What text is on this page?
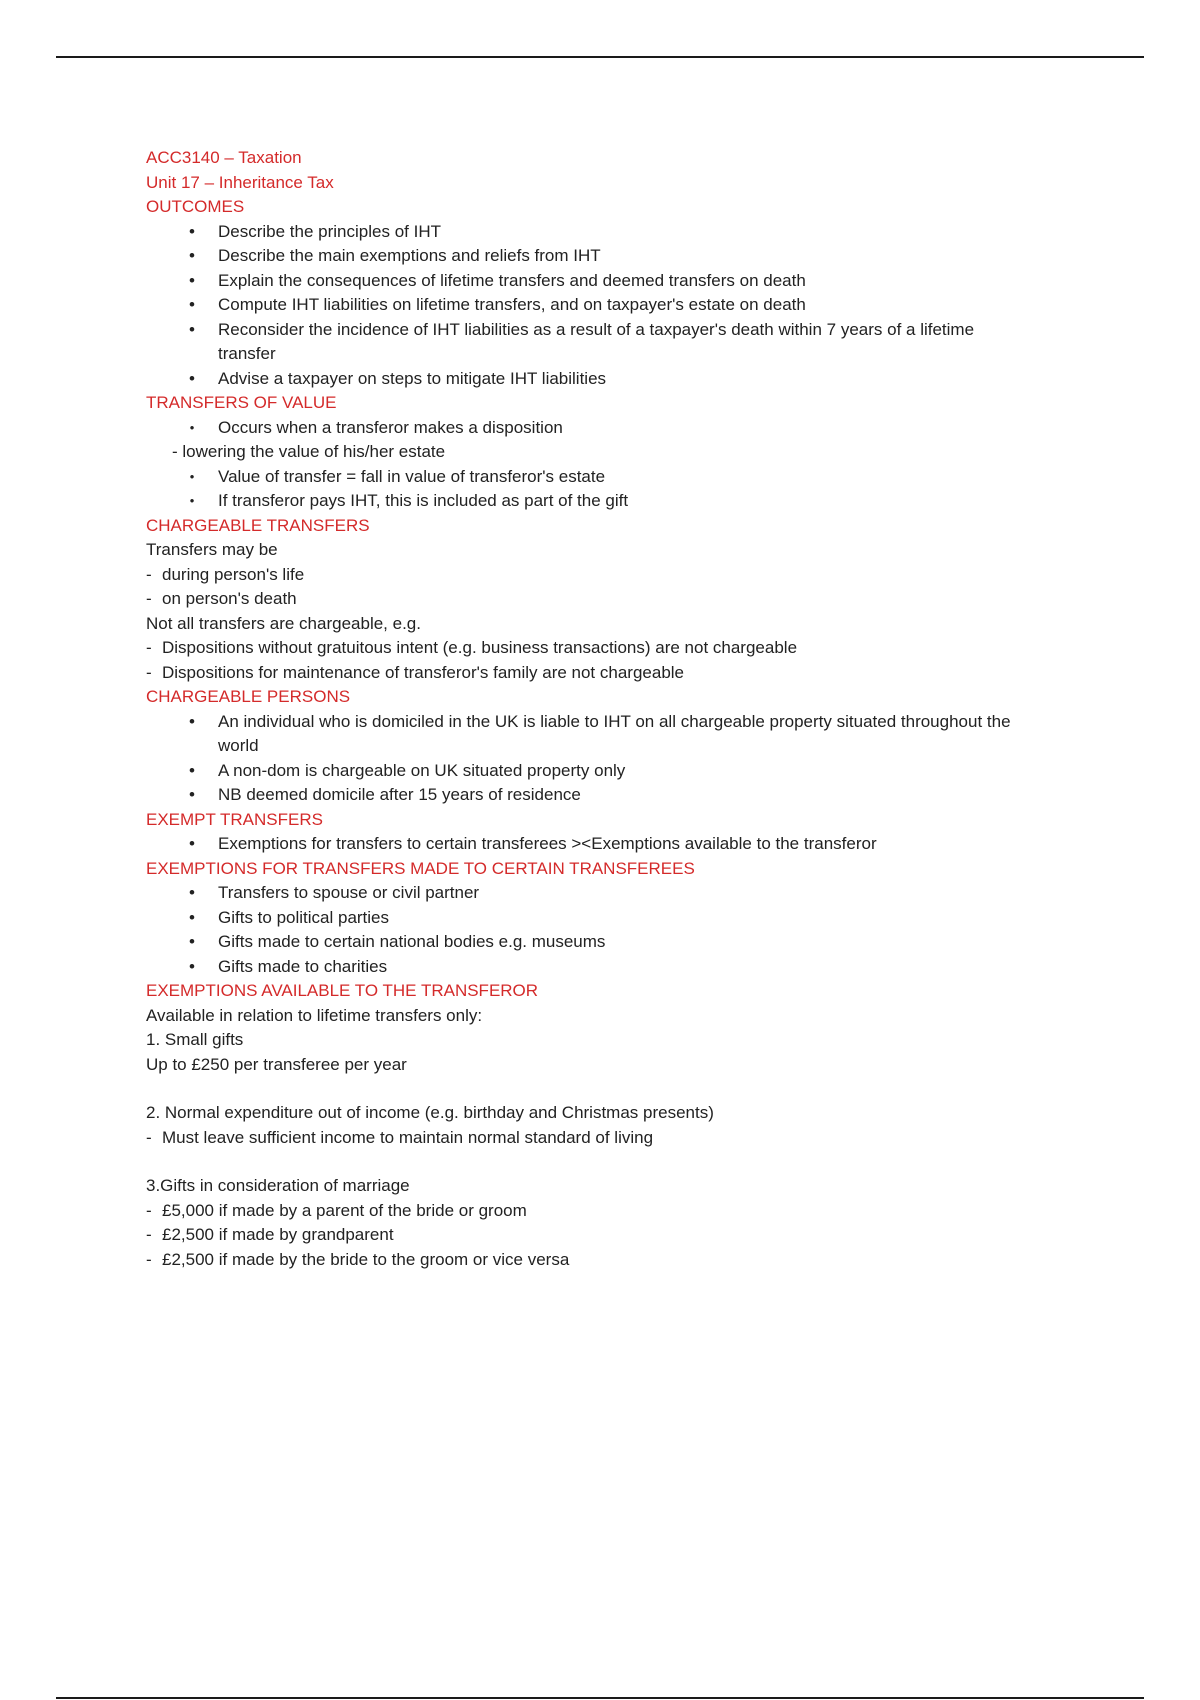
ACC3140 – Taxation
Unit 17 – Inheritance Tax
OUTCOMES
•	Describe the principles of IHT
•	Describe the main exemptions and reliefs from IHT
•	Explain the consequences of lifetime transfers and deemed transfers on death
•	Compute IHT liabilities on lifetime transfers, and on taxpayer's estate on death
•	Reconsider the incidence of IHT liabilities as a result of a taxpayer's death within 7 years of a lifetime
transfer
•	Advise a taxpayer on steps to mitigate IHT liabilities
TRANSFERS OF VALUE
•	Occurs when a transferor makes a disposition
- lowering the value of his/her estate
•	Value of transfer = fall in value of transferor's estate
•	If transferor pays IHT, this is included as part of the gift
CHARGEABLE TRANSFERS
Transfers may be
- during person's life
- on person's death
Not all transfers are chargeable, e.g.
- Dispositions without gratuitous intent (e.g. business transactions) are not chargeable
- Dispositions for maintenance of transferor's family are not chargeable
CHARGEABLE PERSONS
•	An individual who is domiciled in the UK is liable to IHT on all chargeable property situated throughout the
world
•	A non-dom is chargeable on UK situated property only
•	NB deemed domicile after 15 years of residence
EXEMPT TRANSFERS
•	Exemptions for transfers to certain transferees ><Exemptions available to the transferor
EXEMPTIONS FOR TRANSFERS MADE TO CERTAIN TRANSFEREES
•	Transfers to spouse or civil partner
•	Gifts to political parties
•	Gifts made to certain national bodies e.g. museums
•	Gifts made to charities
EXEMPTIONS AVAILABLE TO THE TRANSFEROR
Available in relation to lifetime transfers only:
1. Small gifts
Up to £250 per transferee per year
2. Normal expenditure out of income (e.g. birthday and Christmas presents)
- Must leave sufficient income to maintain normal standard of living
3.Gifts in consideration of marriage
- £5,000 if made by a parent of the bride or groom
- £2,500 if made by grandparent
- £2,500 if made by the bride to the groom or vice versa
